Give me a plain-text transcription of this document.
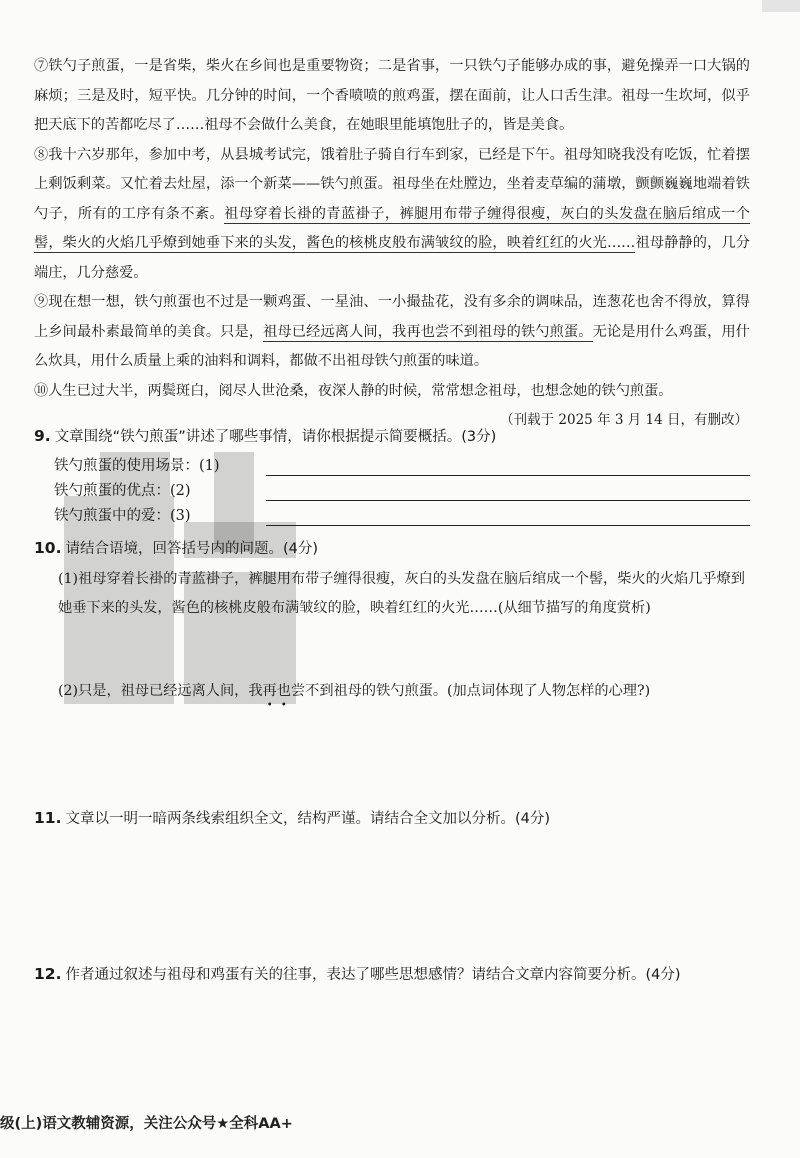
⑦铁勺子煎蛋，一是省柴，柴火在乡间也是重要物资；二是省事，一只铁勺子能够办成的事，避免操弄一口大锅的麻烦；三是及时，短平快。几分钟的时间，一个香喷喷的煎鸡蛋，摆在面前，让人口舌生津。祖母一生坎坷，似乎把天底下的苦都吃尽了……祖母不会做什么美食，在她眼里能填饱肚子的，皆是美食。

⑧我十六岁那年，参加中考，从县城考试完，饿着肚子骑自行车到家，已经是下午。祖母知晓我没有吃饭，忙着摆上剩饭剩菜。又忙着去灶屋，添一个新菜——铁勺煎蛋。祖母坐在灶膛边，坐着麦草编的蒲墩，颤颤巍巍地端着铁勺子，所有的工序有条不紊。祖母穿着长褂的青蓝褂子，裤腿用布带子缠得很瘦，灰白的头发盘在脑后绾成一个髻，柴火的火焰几乎燎到她垂下来的头发，酱色的核桃皮般布满皱纹的脸，映着红红的火光……祖母静静的，几分端庄，几分慈爱。

⑨现在想一想，铁勺煎蛋也不过是一颗鸡蛋、一星油、一小撮盐花，没有多余的调味品，连葱花也舍不得放，算得上乡间最朴素最简单的美食。只是，祖母已经远离人间，我再也尝不到祖母的铁勺煎蛋。无论是用什么鸡蛋，用什么炊具，用什么质量上乘的油料和调料，都做不出祖母铁勺煎蛋的味道。

⑩人生已过大半，两鬓斑白，阅尽人世沧桑，夜深人静的时候，常常想念祖母，也想念她的铁勺煎蛋。

（刊载于 2025 年 3 月 14 日，有删改）

9. 文章围绕“铁勺煎蛋”讲述了哪些事情，请你根据提示简要概括。(3分)
铁勺煎蛋的使用场景：(1)
铁勺煎蛋的优点：(2)
铁勺煎蛋中的爱：(3)
10. 请结合语境，回答括号内的问题。(4分)
(1)祖母穿着长褂的青蓝褂子，裤腿用布带子缠得很瘦，灰白的头发盘在脑后绾成一个髻，柴火的火焰几乎燎到她垂下来的头发，酱色的核桃皮般布满皱纹的脸，映着红红的火光……(从细节描写的角度赏析)
(2)只是，祖母已经远离人间，我再也尝不到祖母的铁勺煎蛋。(加点词体现了人物怎样的心理?)
11. 文章以一明一暗两条线索组织全文，结构严谨。请结合全文加以分析。(4分)
12. 作者通过叙述与祖母和鸡蛋有关的往事，表达了哪些思想感情？请结合文章内容简要分析。(4分)
级(上)语文教辅资源，关注公众号★全科AA+
